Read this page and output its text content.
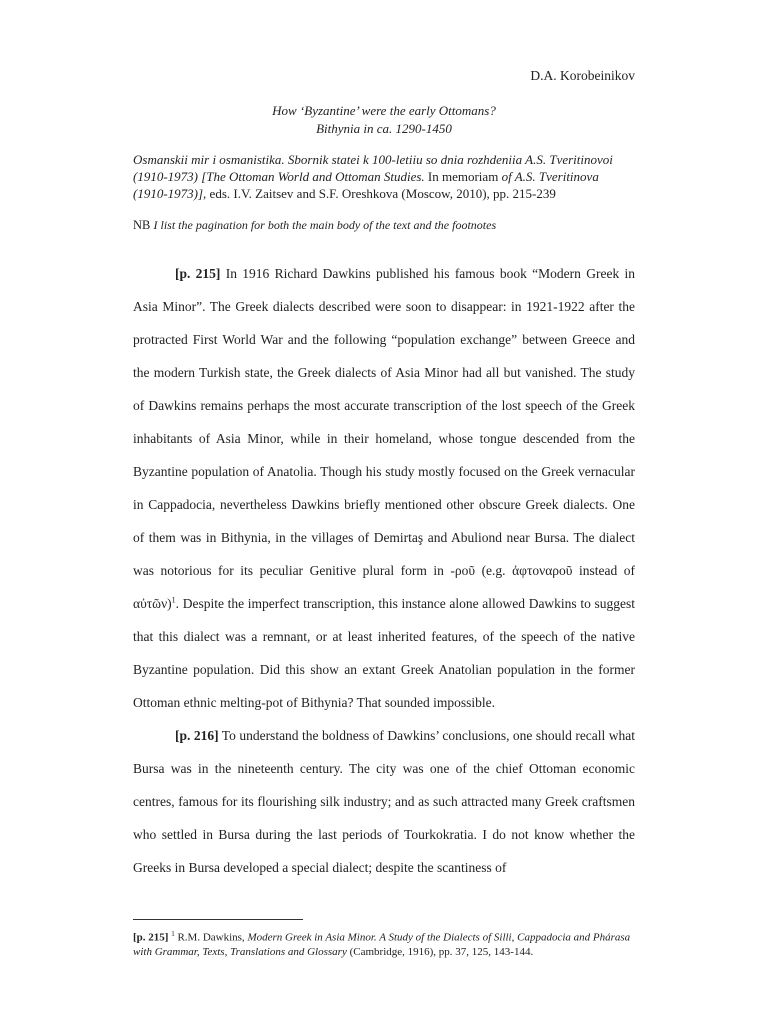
D.A. Korobeinikov
How ‘Byzantine’ were the early Ottomans?
Bithynia in ca. 1290-1450
Osmanskii mir i osmanistika. Sbornik statei k 100-letiiu so dnia rozhdeniia A.S. Tveritinovoi (1910-1973) [The Ottoman World and Ottoman Studies. In memoriam of A.S. Tveritinova (1910-1973)], eds. I.V. Zaitsev and S.F. Oreshkova (Moscow, 2010), pp. 215-239
NB I list the pagination for both the main body of the text and the footnotes

[p. 215] In 1916 Richard Dawkins published his famous book “Modern Greek in Asia Minor”. The Greek dialects described were soon to disappear: in 1921-1922 after the protracted First World War and the following “population exchange” between Greece and the modern Turkish state, the Greek dialects of Asia Minor had all but vanished. The study of Dawkins remains perhaps the most accurate transcription of the lost speech of the Greek inhabitants of Asia Minor, while in their homeland, whose tongue descended from the Byzantine population of Anatolia. Though his study mostly focused on the Greek vernacular in Cappadocia, nevertheless Dawkins briefly mentioned other obscure Greek dialects. One of them was in Bithynia, in the villages of Demirtaş and Abuliond near Bursa. The dialect was notorious for its peculiar Genitive plural form in -ρoῦ (e.g. ἀφτοναροῦ instead of αὐτῶν)$^1$. Despite the imperfect transcription, this instance alone allowed Dawkins to suggest that this dialect was a remnant, or at least inherited features, of the speech of the native Byzantine population. Did this show an extant Greek Anatolian population in the former Ottoman ethnic melting-pot of Bithynia? That sounded impossible.

[p. 216] To understand the boldness of Dawkins’ conclusions, one should recall what Bursa was in the nineteenth century. The city was one of the chief Ottoman economic centres, famous for its flourishing silk industry; and as such attracted many Greek craftsmen who settled in Bursa during the last periods of Tourkokratia. I do not know whether the Greeks in Bursa developed a special dialect; despite the scantiness of

[p. 215] $^1$ R.M. Dawkins, Modern Greek in Asia Minor. A Study of the Dialects of Silli, Cappadocia and Phárasa with Grammar, Texts, Translations and Glossary (Cambridge, 1916), pp. 37, 125, 143-144.
